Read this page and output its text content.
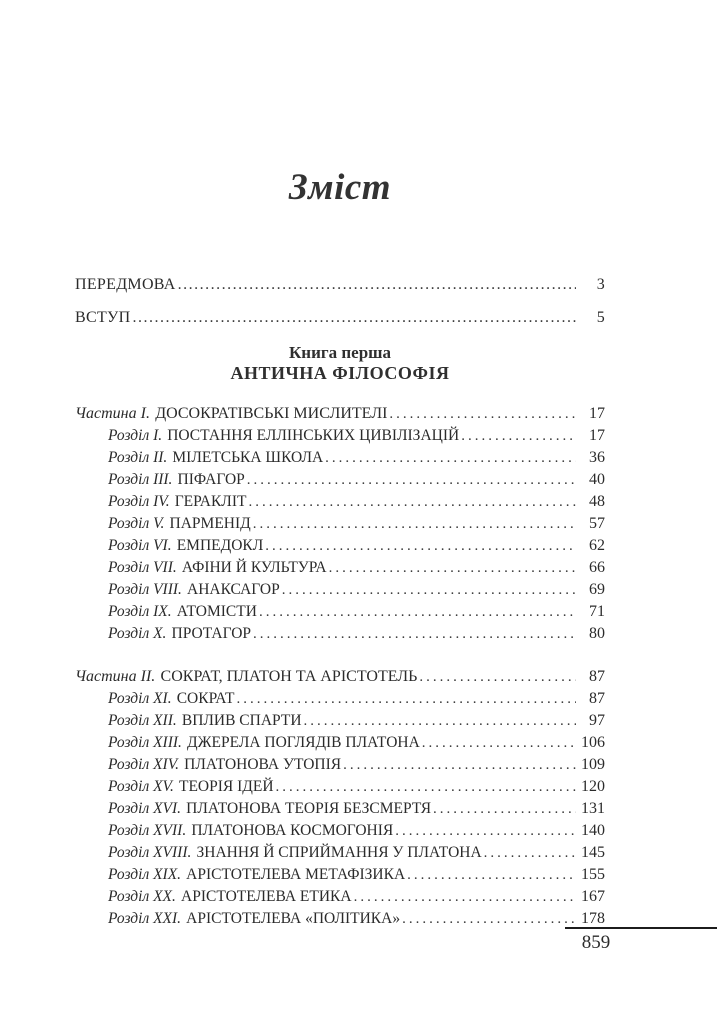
Зміст
ПЕРЕДМОВА .....	3
ВСТУП .....	5
Книга перша
АНТИЧНА ФІЛОСОФІЯ
Частина I. ДОСОКРАТІВСЬКІ МИСЛИТЕЛІ .....	17
Розділ I. ПОСТАННЯ ЕЛЛІНСЬКИХ ЦИВІЛІЗАЦІЙ .....	17
Розділ II. МІЛЕТСЬКА ШКОЛА .....	36
Розділ III. ПІФАГОР .....	40
Розділ IV. ГЕРАКЛІТ .....	48
Розділ V. ПАРМЕНІД .....	57
Розділ VI. ЕМПЕДОКЛ .....	62
Розділ VII. АФІНИ Й КУЛЬТУРА .....	66
Розділ VIII. АНАКСАГОР .....	69
Розділ IX. АТОМІСТИ .....	71
Розділ X. ПРОТАГОР .....	80
Частина II. СОКРАТ, ПЛАТОН ТА АРІСТОТЕЛЬ .....	87
Розділ XI. СОКРАТ .....	87
Розділ XII. ВПЛИВ СПАРТИ .....	97
Розділ XIII. ДЖЕРЕЛА ПОГЛЯДІВ ПЛАТОНА .....	106
Розділ XIV. ПЛАТОНОВА УТОПІЯ .....	109
Розділ XV. ТЕОРІЯ ІДЕЙ .....	120
Розділ XVI. ПЛАТОНОВА ТЕОРІЯ БЕЗСМЕРТЯ .....	131
Розділ XVII. ПЛАТОНОВА КОСМОГОНІЯ .....	140
Розділ XVIII. ЗНАННЯ Й СПРИЙМАННЯ У ПЛАТОНА .....	145
Розділ XIX. АРІСТОТЕЛЕВА МЕТАФІЗИКА .....	155
Розділ XX. АРІСТОТЕЛЕВА ЕТИКА .....	167
Розділ XXI. АРІСТОТЕЛЕВА «ПОЛІТИКА» .....	178
859
